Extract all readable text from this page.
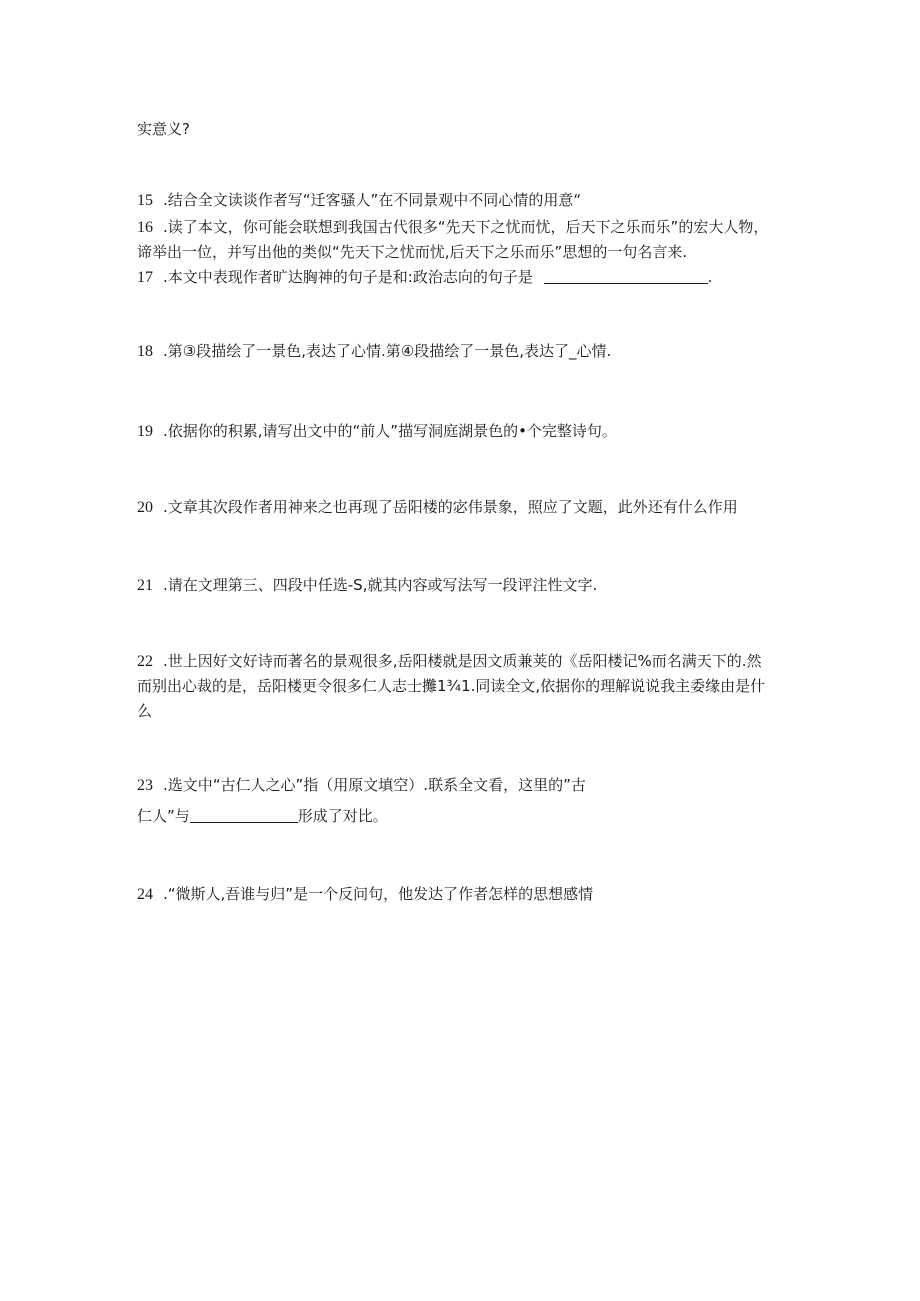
实意义?
15 .结合全文读谈作者写“迁客骚人”在不同景观中不同心情的用意“
16 .读了本文，你可能会联想到我国古代很多“先天下之忧而忧，后天下之乐而乐”的宏大人物，
谛举出一位，并写出他的类似“先天下之忧而忧,后天下之乐而乐”思想的一句名言来.
17 .本文中表现作者旷达胸神的句子是和:政治志向的句子是	.
18 .第③段描绘了一景色,表达了心情.第④段描绘了一景色,表达了_心情.
19 .依据你的积累,请写出文中的“前人”描写洞庭湖景色的•个完整诗句。
20 .文章其次段作者用神来之也再现了岳阳楼的宓伟景象，照应了文题，此外还有什么作用
21 .请在文理第三、四段中任选-S,就其内容或写法写一段评注性文字.
22 .世上因好文好诗而著名的景观很多,岳阳楼就是因文质兼荚的《岳阳楼记%而名满天下的.然
而别出心裁的是，岳阳楼更令很多仁人志士攤1¾1.同读全文,依据你的理解说说我主委缘由是什
么
23 .选文中“古仁人之心”指（用原文填空）.联系全文看，这里的”古
仁人”与	形成了对比。
24 .“微斯人,吾谁与归”是一个反问句，他发达了作者怎样的思想感情
